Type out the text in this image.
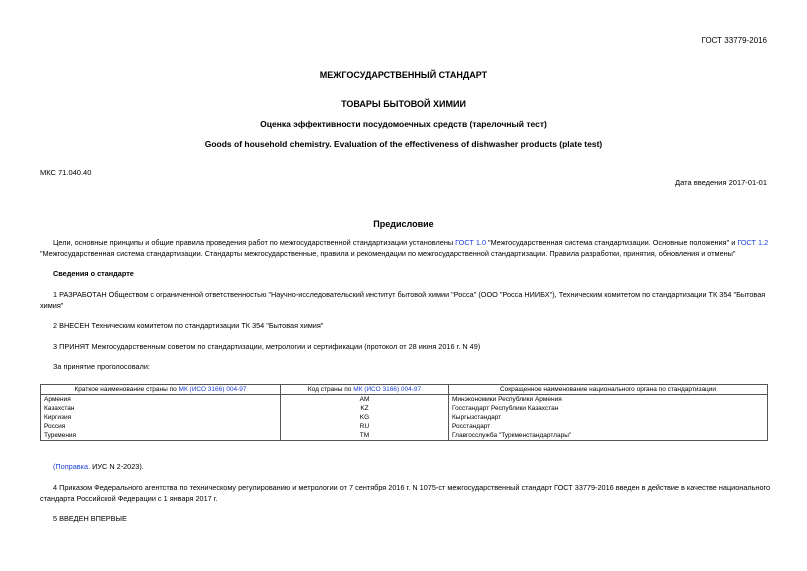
ГОСТ 33779-2016
МЕЖГОСУДАРСТВЕННЫЙ СТАНДАРТ
ТОВАРЫ БЫТОВОЙ ХИМИИ
Оценка эффективности посудомоечных средств (тарелочный тест)
Goods of household chemistry. Evaluation of the effectiveness of dishwasher products (plate test)
МКС 71.040.40
Дата введения 2017-01-01
Предисловие
Цели, основные принципы и общие правила проведения работ по межгосударственной стандартизации установлены ГОСТ 1.0 "Межгосударственная система стандартизации. Основные положения" и ГОСТ 1.2
"Межгосударственная система стандартизации. Стандарты межгосударственные, правила и рекомендации по межгосударственной стандартизации. Правила разработки, принятия, обновления и отмены"
Сведения о стандарте
1 РАЗРАБОТАН Обществом с ограниченной ответственностью "Научно-исследовательский институт бытовой химии "Росса" (ООО "Росса НИИБХ"), Техническим комитетом по стандартизации ТК 354 "Бытовая
химия"
2 ВНЕСЕН Техническим комитетом по стандартизации ТК 354 "Бытовая химия"
3 ПРИНЯТ Межгосударственным советом по стандартизации, метрологии и сертификации (протокол от 28 июня 2016 г. N 49)
За принятие проголосовали:
Краткое наименование страны по МК (ИСО 3166) 004-97	Код страны по МК (ИСО 3166) 004-97	Сокращенное наименование национального органа по стандартизации
Армения	AM	Минэкономики Республики Армения
Казахстан	KZ	Госстандарт Республики Казахстан
Киргизия	KG	Кыргызстандарт
Россия	RU	Росстандарт
Туркмения	TM	Главгосслужба "Туркменстандартлары"
(Поправка. ИУС N 2-2023).
4 Приказом Федерального агентства по техническому регулированию и метрологии от 7 сентября 2016 г. N 1075-ст межгосударственный стандарт ГОСТ 33779-2016 введен в действие в качестве национального
стандарта Российской Федерации с 1 января 2017 г.
5 ВВЕДЕН ВПЕРВЫЕ
